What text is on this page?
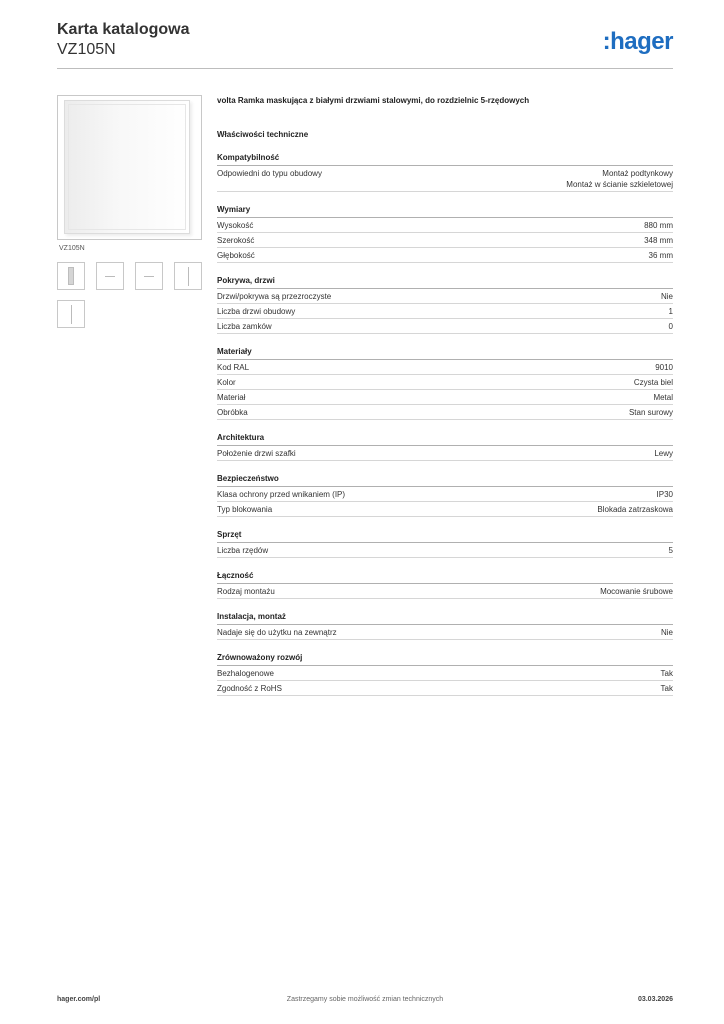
Karta katalogowa
VZ105N	:hager
VZ105N
volta Ramka maskująca z białymi drzwiami stalowymi, do rozdzielnic 5-rzędowych
Właściwości techniczne
Kompatybilność
Odpowiedni do typu obudowy	Montaż podtynkowy
Montaż w ścianie szkieletowej
Wymiary
Wysokość	880 mm
Szerokość	348 mm
Głębokość	36 mm
Pokrywa, drzwi
Drzwi/pokrywa są przezroczyste	Nie
Liczba drzwi obudowy	1
Liczba zamków	0
Materiały
Kod RAL	9010
Kolor	Czysta biel
Materiał	Metal
Obróbka	Stan surowy
Architektura
Położenie drzwi szafki	Lewy
Bezpieczeństwo
Klasa ochrony przed wnikaniem (IP)	IP30
Typ blokowania	Blokada zatrzaskowa
Sprzęt
Liczba rzędów	5
Łączność
Rodzaj montażu	Mocowanie śrubowe
Instalacja, montaż
Nadaje się do użytku na zewnątrz	Nie
Zrównoważony rozwój
Bezhalogenowe	Tak
Zgodność z RoHS	Tak
hager.com/pl	Zastrzegamy sobie możliwość zmian technicznych	03.03.2026
